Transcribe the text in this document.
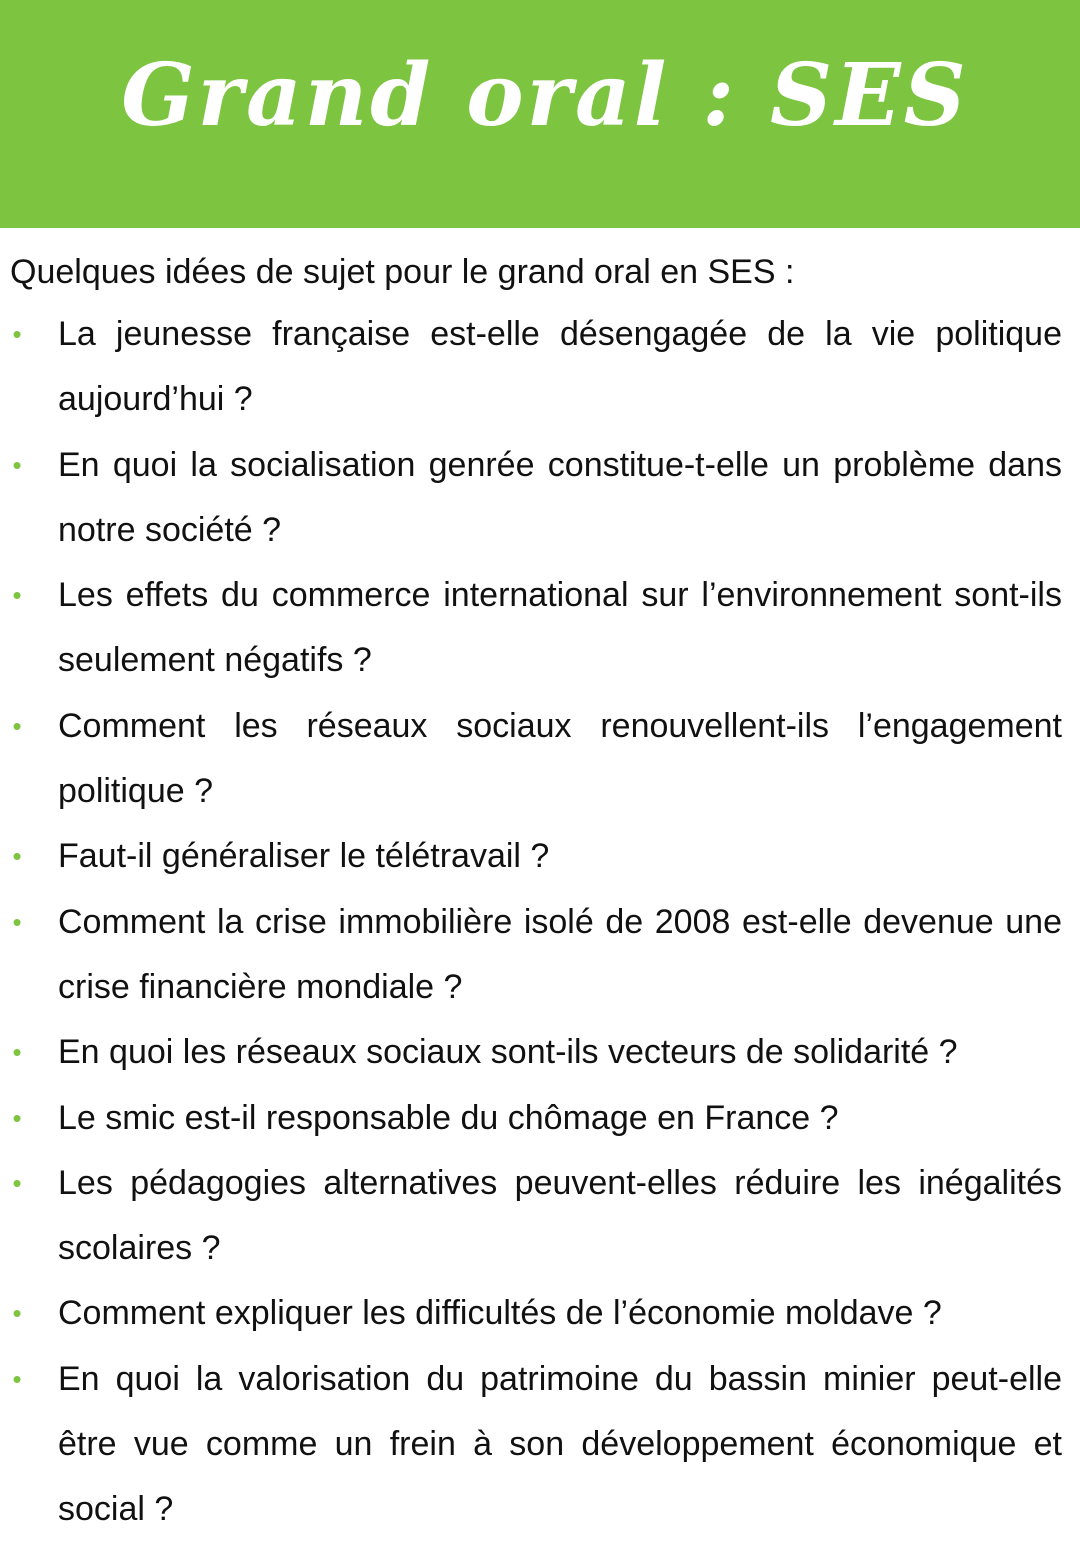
Grand oral : SES

Quelques idées de sujet pour le grand oral en SES :

• La jeunesse française est-elle désengagée de la vie politique aujourd’hui ?
• En quoi la socialisation genrée constitue-t-elle un problème dans notre société ?
• Les effets du commerce international sur l’environnement sont-ils seulement négatifs ?
• Comment les réseaux sociaux renouvellent-ils l’engagement politique ?
• Faut-il généraliser le télétravail ?
• Comment la crise immobilière isolé de 2008 est-elle devenue une crise financière mondiale ?
• En quoi les réseaux sociaux sont-ils vecteurs de solidarité ?
• Le smic est-il responsable du chômage en France ?
• Les pédagogies alternatives peuvent-elles réduire les inégalités scolaires ?
• Comment expliquer les difficultés de l’économie moldave ?
• En quoi la valorisation du patrimoine du bassin minier peut-elle être vue comme un frein à son développement économique et social ?
